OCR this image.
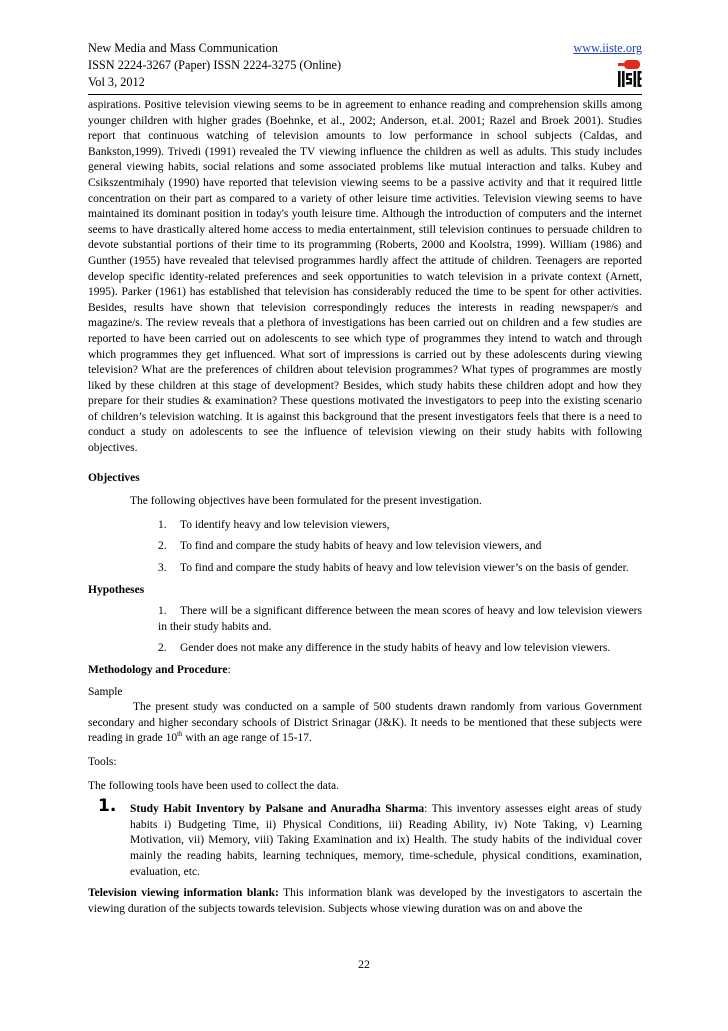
New Media and Mass Communication
ISSN 2224-3267 (Paper) ISSN 2224-3275 (Online)
Vol 3, 2012
www.iiste.org

aspirations. Positive television viewing seems to be in agreement to enhance reading and comprehension skills among younger children with higher grades (Boehnke, et al., 2002; Anderson, et.al. 2001; Razel and Broek 2001). Studies report that continuous watching of television amounts to low performance in school subjects (Caldas, and Bankston,1999). Trivedi (1991) revealed the TV viewing influence the children as well as adults. This study includes general viewing habits, social relations and some associated problems like mutual interaction and talks. Kubey and Csikszentmihaly (1990) have reported that television viewing seems to be a passive activity and that it required little concentration on their part as compared to a variety of other leisure time activities. Television viewing seems to have maintained its dominant position in today's youth leisure time. Although the introduction of computers and the internet seems to have drastically altered home access to media entertainment, still television continues to persuade children to devote substantial portions of their time to its programming (Roberts, 2000 and Koolstra, 1999). William (1986) and Gunther (1955) have revealed that televised programmes hardly affect the attitude of children. Teenagers are reported develop specific identity-related preferences and seek opportunities to watch television in a private context (Arnett, 1995). Parker (1961) has established that television has considerably reduced the time to be spent for other activities. Besides, results have shown that television correspondingly reduces the interests in reading newspaper/s and magazine/s. The review reveals that a plethora of investigations has been carried out on children and a few studies are reported to have been carried out on adolescents to see which type of programmes they intend to watch and through which programmes they get influenced. What sort of impressions is carried out by these adolescents during viewing television? What are the preferences of children about television programmes? What types of programmes are mostly liked by these children at this stage of development? Besides, which study habits these children adopt and how they prepare for their studies & examination? These questions motivated the investigators to peep into the existing scenario of children’s television watching. It is against this background that the present investigators feels that there is a need to conduct a study on adolescents to see the influence of television viewing on their study habits with following objectives.

Objectives

The following objectives have been formulated for the present investigation.

1. To identify heavy and low television viewers,
2. To find and compare the study habits of heavy and low television viewers, and
3. To find and compare the study habits of heavy and low television viewer’s on the basis of gender.

Hypotheses

1. There will be a significant difference between the mean scores of heavy and low television viewers in their study habits and.
2. Gender does not make any difference in the study habits of heavy and low television viewers.

Methodology and Procedure:

Sample

The present study was conducted on a sample of 500 students drawn randomly from various Government secondary and higher secondary schools of District Srinagar (J&K). It needs to be mentioned that these subjects were reading in grade 10th with an age range of 15-17.

Tools:

The following tools have been used to collect the data.

1. Study Habit Inventory by Palsane and Anuradha Sharma: This inventory assesses eight areas of study habits i) Budgeting Time, ii) Physical Conditions, iii) Reading Ability, iv) Note Taking, v) Learning Motivation, vii) Memory, viii) Taking Examination and ix) Health. The study habits of the individual cover mainly the reading habits, learning techniques, memory, time-schedule, physical conditions, examination, evaluation, etc.

Television viewing information blank: This information blank was developed by the investigators to ascertain the viewing duration of the subjects towards television. Subjects whose viewing duration was on and above the

22
